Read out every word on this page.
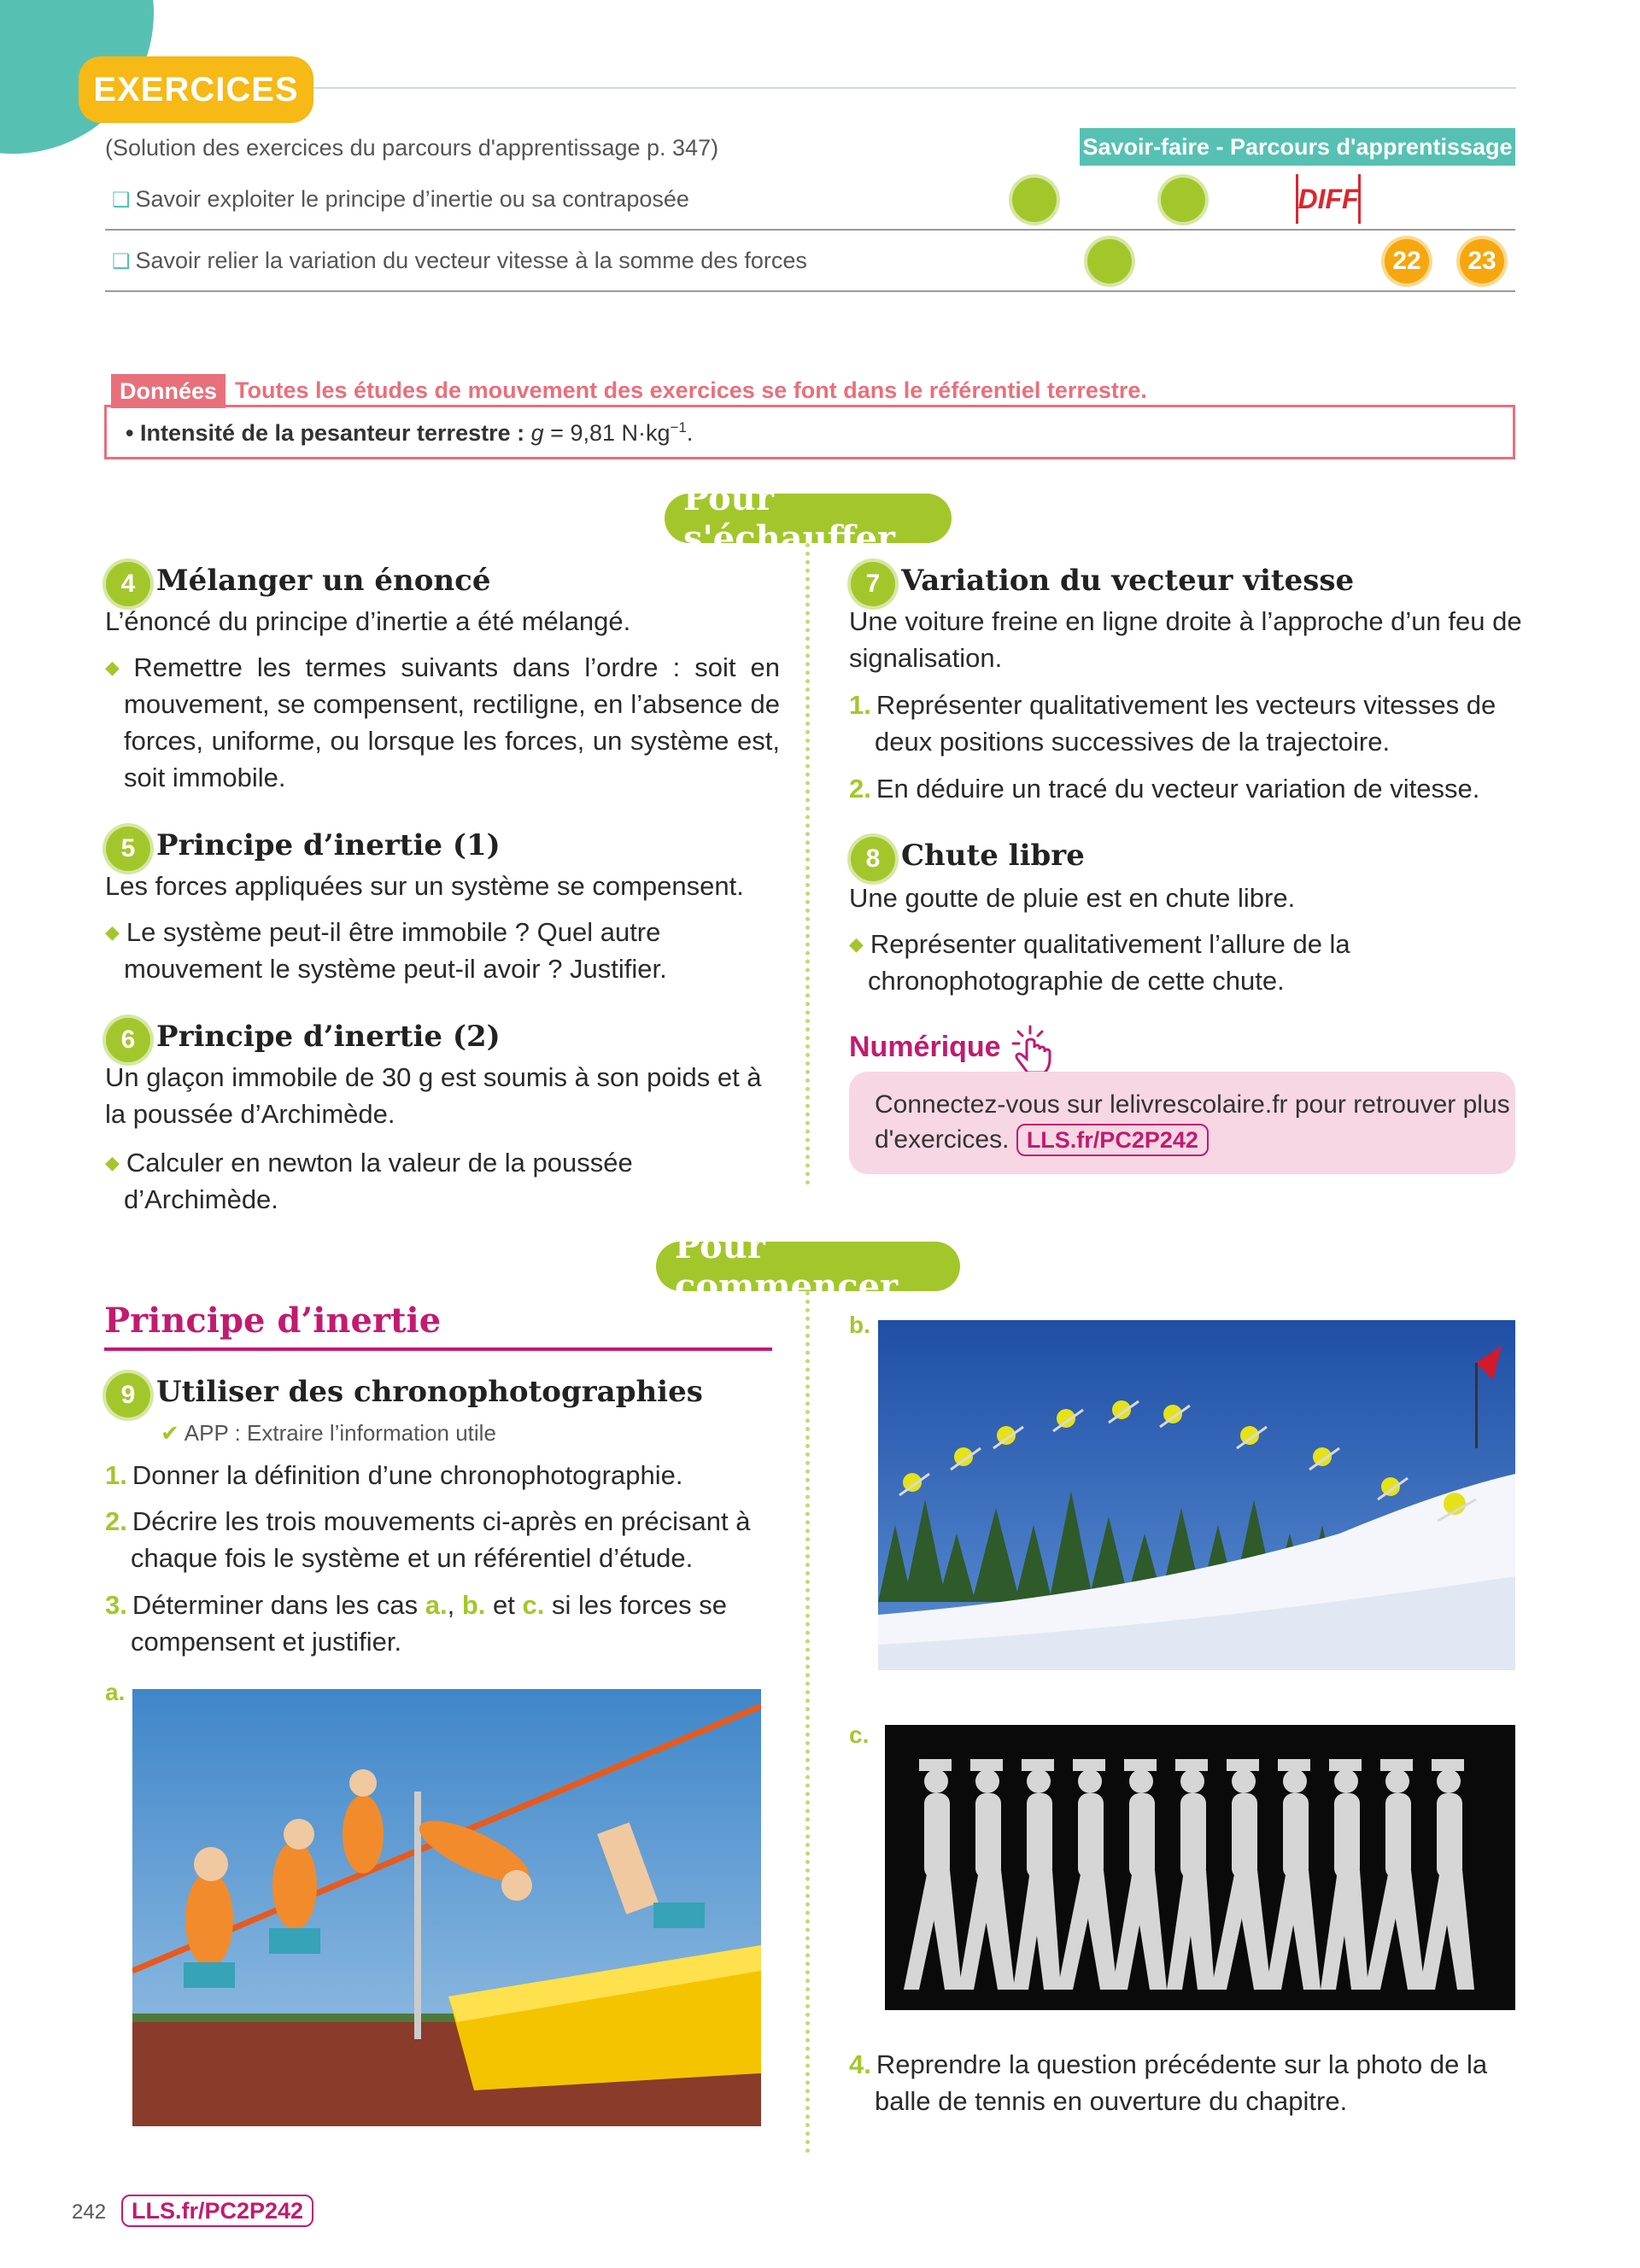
EXERCICES
(Solution des exercices du parcours d'apprentissage p. 347)	Savoir-faire - Parcours d'apprentissage
❑ Savoir exploiter le principe d’inertie ou sa contraposée	10	12	DIFF
❑ Savoir relier la variation du vecteur vitesse à la somme des forces	11	22	23
Données Toutes les études de mouvement des exercices se font dans le référentiel terrestre.
• Intensité de la pesanteur terrestre : g = 9,81 $N\cdot kg^{-1}$.
Pour s'échauffer
4 Mélanger un énoncé
L’énoncé du principe d’inertie a été mélangé.
◆ Remettre les termes suivants dans l’ordre : soit en mouvement, se compensent, rectiligne, en l’absence de forces, uniforme, ou lorsque les forces, un système est, soit immobile.
5 Principe d’inertie (1)
Les forces appliquées sur un système se compensent.
◆ Le système peut-il être immobile ? Quel autre mouvement le système peut-il avoir ? Justifier.
6 Principe d’inertie (2)
Un glaçon immobile de 30 g est soumis à son poids et à la poussée d’Archimède.
◆ Calculer en newton la valeur de la poussée d’Archimède.
7 Variation du vecteur vitesse
Une voiture freine en ligne droite à l’approche d’un feu de signalisation.
1. Représenter qualitativement les vecteurs vitesses de deux positions successives de la trajectoire.
2. En déduire un tracé du vecteur variation de vitesse.
8 Chute libre
Une goutte de pluie est en chute libre.
◆ Représenter qualitativement l’allure de la chronophotographie de cette chute.
Numérique
Connectez-vous sur lelivrescolaire.fr pour retrouver plus d'exercices. LLS.fr/PC2P242
Pour commencer
Principe d’inertie
9 Utiliser des chronophotographies
✔ APP : Extraire l’information utile
1. Donner la définition d’une chronophotographie.
2. Décrire les trois mouvements ci-après en précisant à chaque fois le système et un référentiel d’étude.
3. Déterminer dans les cas a., b. et c. si les forces se compensent et justifier.
a.
b.
c.
4. Reprendre la question précédente sur la photo de la balle de tennis en ouverture du chapitre.
242	LLS.fr/PC2P242
